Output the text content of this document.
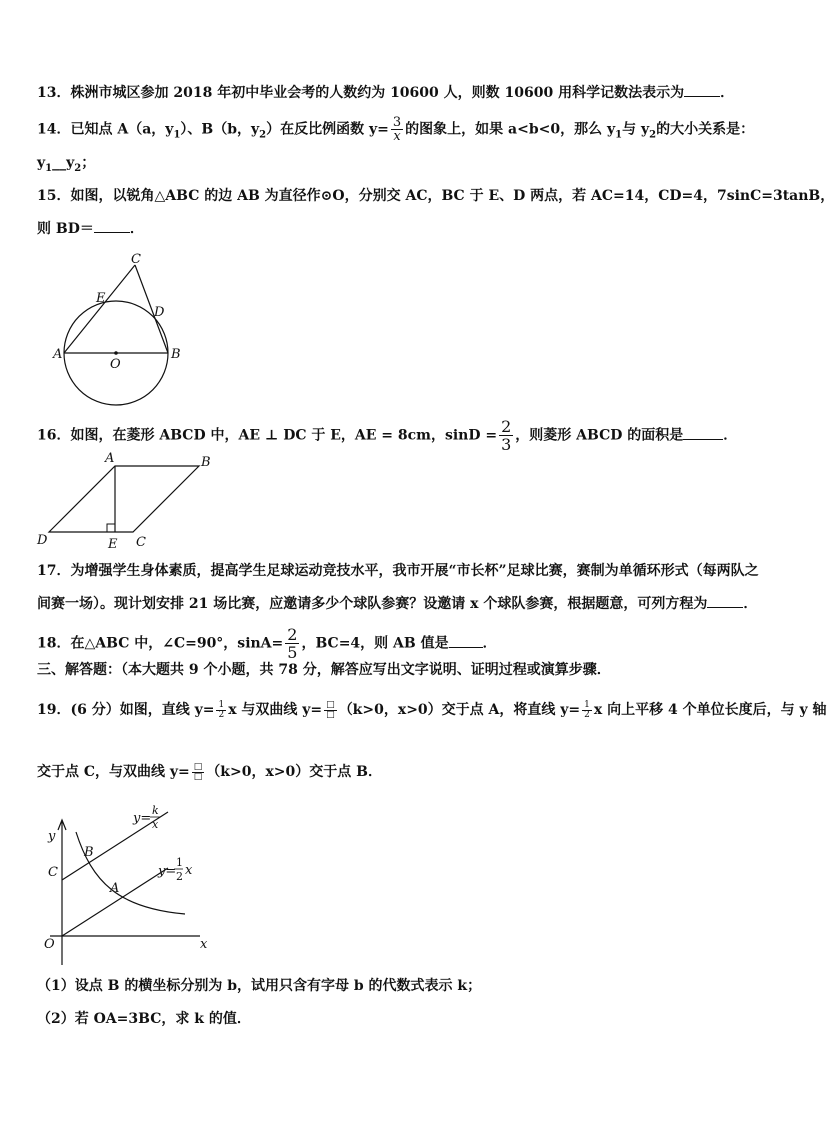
13．株洲市城区参加 2018 年初中毕业会考的人数约为 10600 人，则数 10600 用科学记数法表示为	．
14．已知点 A（a，$y_1$）、B（b，$y_2$）在反比例函数 $y= \frac{3}{x}$ 的图象上，如果 a<b<0，那么 $y_1$与 $y_2$的大小关系是：
$y_1\_\_y_2$；
15．如图，以锐角△ABC 的边 AB 为直径作⊙O，分别交 AC，BC 于 E、D 两点，若 AC=14，CD=4，7sinC=3tanB，
则 BD＝	．
A	B
C
D
E
O
16．如图，在菱形 ABCD 中，AE ⊥ DC 于 E，AE = 8cm，$\sin D = \frac{2}{3}$ ，则菱形 ABCD 的面积是	．
A	B
C
D	E
17．为增强学生身体素质，提高学生足球运动竞技水平，我市开展“市长杯”足球比赛，赛制为单循环形式（每两队之
间赛一场）。现计划安排 21 场比赛，应邀请多少个球队参赛？设邀请 x 个球队参赛，根据题意，可列方程为	．
18．在△ABC 中，∠C=90°，$\sin A= \frac{2}{5}$ ，BC=4，则 AB 值是 ．
三、解答题：（本大题共 9 个小题，共 78 分，解答应写出文字说明、证明过程或演算步骤．
19．(6 分）如图，直线 $y= \frac{1}{2}$ x 与双曲线 $y= \frac{□}{□} (k>0$，x>0）交于点 A，将直线 $y= \frac{1}{2}$ x 向上平移 4 个单位长度后，与 y 轴
交于点 C，与双曲线 $y= \frac{□}{□} (k>0$，x>0）交于点 B．
y
x
O
C
B
A
y=
k
x
y=
1
2 x
（1）设点 B 的横坐标分别为 b，试用只含有字母 b 的代数式表示 k；
（2）若 OA=3BC，求 k 的值．
